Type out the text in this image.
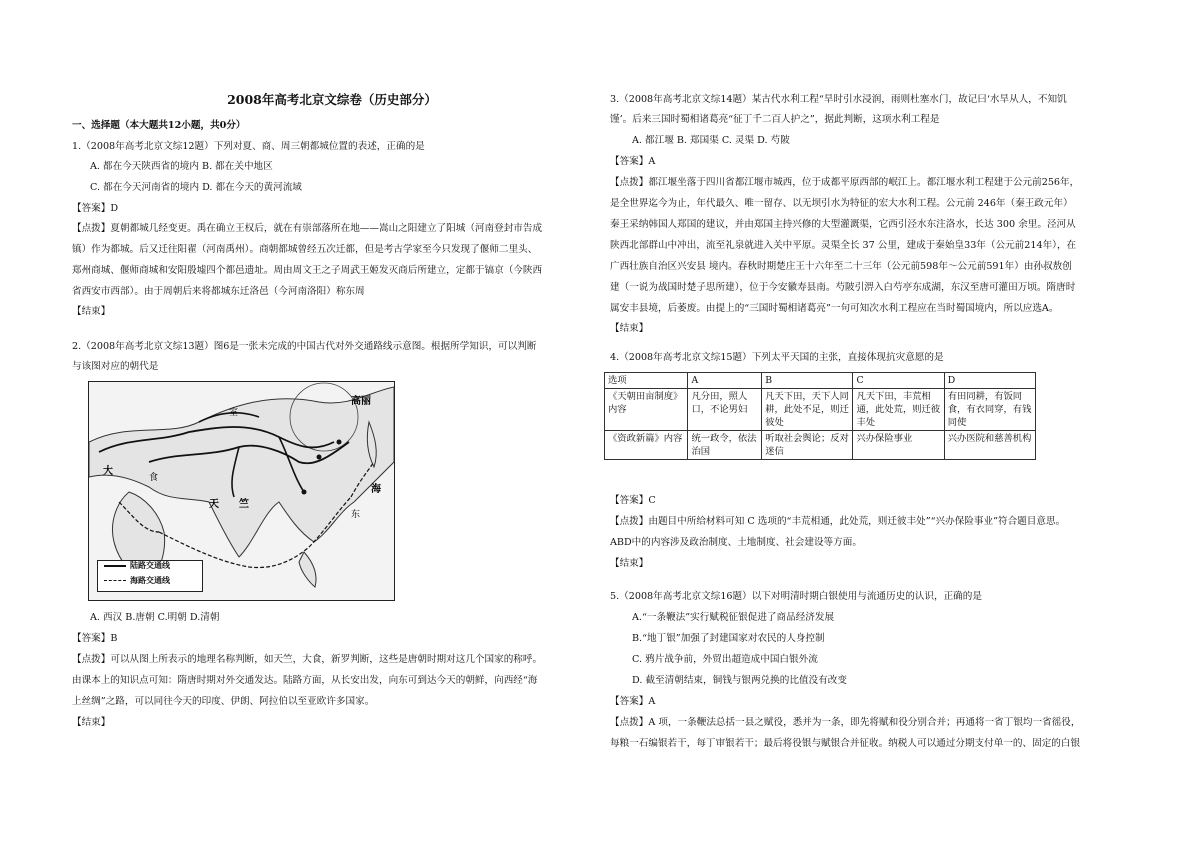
2008年高考北京文综卷（历史部分）
一、选择题（本大题共12小题，共0分）
1.（2008年高考北京文综12题）下列对夏、商、周三朝都城位置的表述，正确的是
A. 都在今天陕西省的境内 B. 都在关中地区
C. 都在今天河南省的境内 D. 都在今天的黄河流域
【答案】D
【点拨】夏朝都城几经变更。禹在确立王权后，就在有崇部落所在地——嵩山之阳建立了阳城（河南登封市告成
镇）作为都城。后又迁往阳翟（河南禹州）。商朝都城曾经五次迁都，但是考古学家至今只发现了偃师二里头、
郑州商城、偃师商城和安阳殷墟四个都邑遗址。周由周文王之子周武王姬发灭商后所建立，定都于镐京（今陕西
省西安市西部）。由于周朝后来将都城东迁洛邑（今河南洛阳）称东周
【结束】
2.（2008年高考北京文综13题）图6是一张未完成的中国古代对外交通路线示意图。根据所学知识，可以判断
与该图对应的朝代是
室
高丽
大
食
天 竺
海
东
陆路交通线
海路交通线
A. 西汉 B.唐朝 C.明朝 D.清朝
【答案】B
【点拨】可以从图上所表示的地理名称判断，如天竺，大食，新罗判断，这些是唐朝时期对这几个国家的称呼。
由课本上的知识点可知：隋唐时期对外交通发达。陆路方面，从长安出发，向东可到达今天的朝鲜，向西经“海
上丝绸”之路，可以同往今天的印度、伊朗、阿拉伯以至亚欧许多国家。
【结束】
3.（2008年高考北京文综14题）某古代水利工程“旱时引水浸润，雨则杜塞水门，故记曰‘水旱从人，不知饥
馑’。后来三国时蜀相诸葛亮“征丁千二百人护之”，据此判断，这项水利工程是
A. 都江堰 B. 郑国渠 C. 灵渠 D. 芍陂
【答案】A
【点拨】都江堰坐落于四川省都江堰市城西，位于成都平原西部的岷江上。都江堰水利工程建于公元前256年，
是全世界迄今为止，年代最久、唯一留存、以无坝引水为特征的宏大水利工程。公元前 246年（秦王政元年）
秦王采纳韩国人郑国的建议，并由郑国主持兴修的大型灌溉渠，它西引泾水东注洛水，长达 300 余里。泾河从
陕西北部群山中冲出，流至礼泉就进入关中平原。灵渠全长 37 公里，建成于秦始皇33年（公元前214年），在
广西壮族自治区兴安县 境内。春秋时期楚庄王十六年至二十三年（公元前598年～公元前591年）由孙叔敖创
建（一说为战国时楚子思所建），位于今安徽寿县南。芍陂引淠入白芍亭东成湖，东汉至唐可灌田万顷。隋唐时
属安丰县境，后萎废。由提上的“三国时蜀相诸葛亮”一句可知次水利工程应在当时蜀国境内，所以应选A。
【结束】
4.（2008年高考北京文综15题）下列太平天国的主张，直接体现抗灾意愿的是
选项	A	B	C	D
《天朝田亩制度》内容	凡分田，照人口，不论男妇	凡天下田，天下人同耕，此处不足，则迁彼处	凡天下田，丰荒相通，此处荒，则迁彼丰处	有田同耕，有饭同食，有衣同穿，有钱同使
《资政新篇》内容	统一政令，依法治国	听取社会舆论；反对迷信	兴办保险事业	兴办医院和慈善机构
【答案】C
【点拨】由题目中所给材料可知 C 选项的“丰荒相通，此处荒，则迁彼丰处”“兴办保险事业”符合题目意思。
ABD中的内容涉及政治制度、土地制度、社会建设等方面。
【结束】
5.（2008年高考北京文综16题）以下对明清时期白银使用与流通历史的认识，正确的是
A.“一条鞭法”实行赋税征银促进了商品经济发展
B.“地丁银”加强了封建国家对农民的人身控制
C. 鸦片战争前，外贸出超造成中国白银外流
D. 截至清朝结束，铜钱与银两兑换的比值没有改变
【答案】A
【点拨】A 项，一条鞭法总括一县之赋役，悉并为一条，即先将赋和役分别合并；再通将一省丁银均一省徭役，
每粮一石编银若干，每丁审银若干；最后将役银与赋银合并征收。纳税人可以通过分期支付单一的、固定的白银
